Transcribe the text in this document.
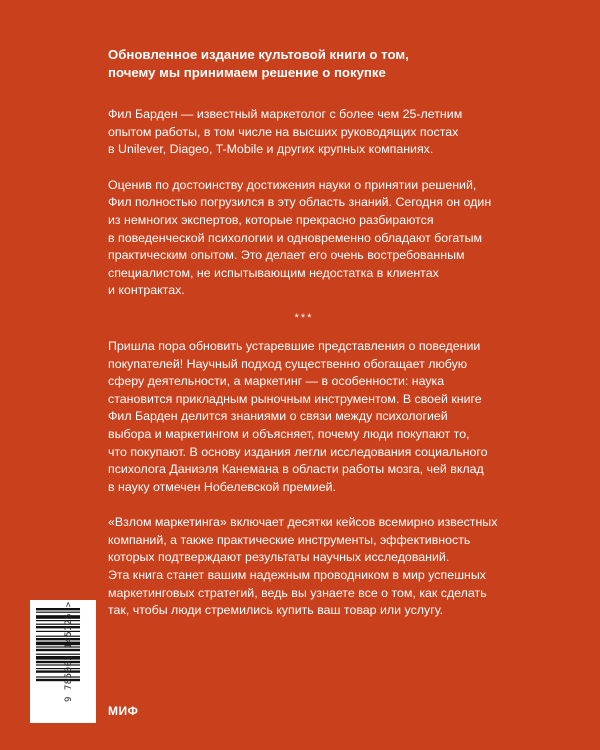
Обновленное издание культовой книги о том,
почему мы принимаем решение о покупке

Фил Барден — известный маркетолог с более чем 25-летним
опытом работы, в том числе на высших руководящих постах
в Unilever, Diageo, T-Mobile и других крупных компаниях.

Оценив по достоинству достижения науки о принятии решений,
Фил полностью погрузился в эту область знаний. Сегодня он один
из немногих экспертов, которые прекрасно разбираются
в поведенческой психологии и одновременно обладают богатым
практическим опытом. Это делает его очень востребованным
специалистом, не испытывающим недостатка в клиентах
и контрактах.

***

Пришла пора обновить устаревшие представления о поведении
покупателей! Научный подход существенно обогащает любую
сферу деятельности, а маркетинг — в особенности: наука
становится прикладным рыночным инструментом. В своей книге
Фил Барден делится знаниями о связи между психологией
выбора и маркетингом и объясняет, почему люди покупают то,
что покупают. В основу издания легли исследования социального
психолога Даниэля Канемана в области работы мозга, чей вклад
в науку отмечен Нобелевской премией.

«Взлом маркетинга» включает десятки кейсов всемирно известных
компаний, а также практические инструменты, эффективность
которых подтверждают результаты научных исследований.
Эта книга станет вашим надежным проводником в мир успешных
маркетинговых стратегий, ведь вы узнаете все о том, как сделать
так, чтобы люди стремились купить ваш товар или услугу.

9 785002 145126 >
МИФ
